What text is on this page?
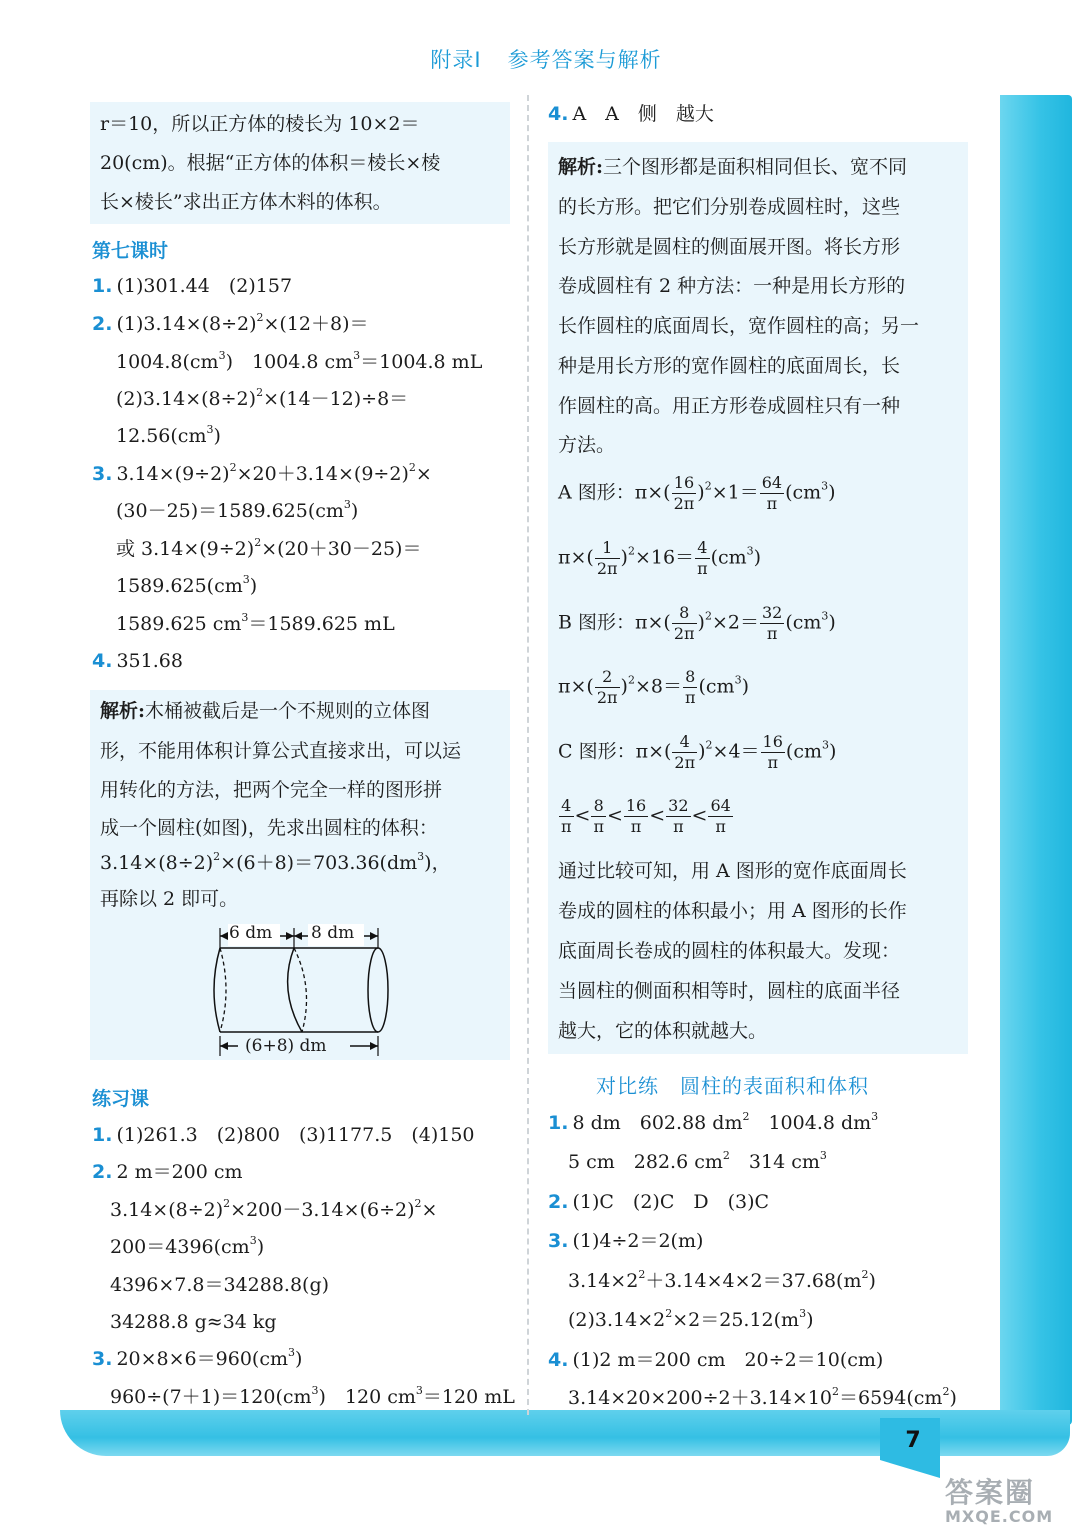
7
答案圈
MXQE.COM
附录Ⅰ 参考答案与解析
r＝10，所以正方体的棱长为 10×2＝
20(cm)。根据“正方体的体积＝棱长×棱
长×棱长”求出正方体木料的体积。
第七课时
1. (1)301.44　(2)157
2. $(1)3.14\times(8\div 2)^2\times(12+8)=$
$1004.8(cm^3)$　1004.8 $cm^3=1004.8$ mL
$(2)3.14\times(8\div 2)^2\times(14-12)\div 8=$
$12.56(cm^3)$
3. $3.14\times(9\div 2)^2\times 20+3.14\times(9\div 2)^2\times$
$(30-25)=1589.625(cm^3)$
或 $3.14\times(9\div 2)^2\times(20+30-25)=$
$1589.625(cm^3)$
1589.625 $cm^3=1589.625$ mL
4. 351.68
解析:木桶被截后是一个不规则的立体图
形，不能用体积计算公式直接求出，可以运
用转化的方法，把两个完全一样的图形拼
成一个圆柱(如图)，先求出圆柱的体积：
$3.14\times(8\div 2)^2\times(6+8)=703.36(dm^3)$，
再除以 2 即可。
6 dm 8 dm
(6+8) dm
练习课
1. (1)261.3　(2)800　(3)1177.5　(4)150
2. 2 m＝200 cm
$3.14\times(8\div 2)^2\times 200-3.14\times(6\div 2)^2\times$
$200=4396(cm^3)$
4396×7.8＝34288.8(g)
34288.8 g≈34 kg
3. $20\times 8\times 6=960(cm^3)$
$960\div(7+1)=120(cm^3)$　120 $cm^3=120$ mL
4. A　A　侧　越大
解析:三个图形都是面积相同但长、宽不同
的长方形。把它们分别卷成圆柱时，这些
长方形就是圆柱的侧面展开图。将长方形
卷成圆柱有 2 种方法：一种是用长方形的
长作圆柱的底面周长，宽作圆柱的高；另一
种是用长方形的宽作圆柱的底面周长，长
作圆柱的高。用正方形卷成圆柱只有一种
方法。
A 图形：$\pi\times( \frac{16}{2\pi} )^2\times 1= \frac{64}{\pi} (cm^3)$
$\pi\times( \frac{1}{2\pi} )^2\times 16= \frac{4}{\pi} (cm^3)$
B 图形：$\pi\times( \frac{8}{2\pi} )^2\times 2= \frac{32}{\pi} (cm^3)$
$\pi\times( \frac{2}{2\pi} )^2\times 8= \frac{8}{\pi} (cm^3)$
C 图形：$\pi\times( \frac{4}{2\pi} )^2\times 4= \frac{16}{\pi} (cm^3)$
$\frac{4}{\pi} < \frac{8}{\pi} < \frac{16}{\pi} < \frac{32}{\pi} < \frac{64}{\pi}$
通过比较可知，用 A 图形的宽作底面周长
卷成的圆柱的体积最小；用 A 图形的长作
底面周长卷成的圆柱的体积最大。发现：
当圆柱的侧面积相等时，圆柱的底面半径
越大，它的体积就越大。
对比练　圆柱的表面积和体积
1. 8 dm　602.88 $dm^2$　1004.8 $dm^3$
5 cm　282.6 $cm^2$　314 $cm^3$
2. (1)C　(2)C　D　(3)C
3. (1)4÷2＝2(m)
$3.14\times 2^2+3.14\times 4\times 2=37.68(m^2)$
$(2)3.14\times 2^2\times 2=25.12(m^3)$
4. (1)2 m＝200 cm　20÷2＝10(cm)
$3.14\times 20\times 200\div 2+3.14\times 10^2=6594(cm^2)$
